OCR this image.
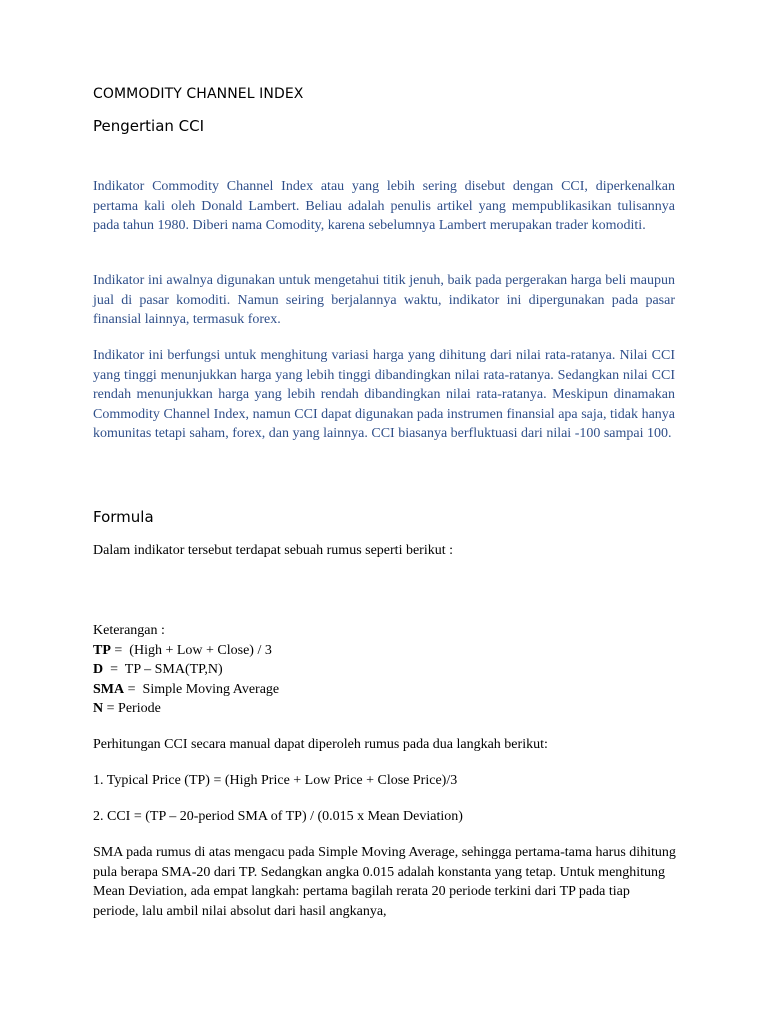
COMMODITY CHANNEL INDEX

Pengertian CCI

Indikator Commodity Channel Index atau yang lebih sering disebut dengan CCI, diperkenalkan pertama kali oleh Donald Lambert. Beliau adalah penulis artikel yang mempublikasikan tulisannya pada tahun 1980. Diberi nama Comodity, karena sebelumnya Lambert merupakan trader komoditi.

Indikator ini awalnya digunakan untuk mengetahui titik jenuh, baik pada pergerakan harga beli maupun jual di pasar komoditi. Namun seiring berjalannya waktu, indikator ini dipergunakan pada pasar finansial lainnya, termasuk forex.

Indikator ini berfungsi untuk menghitung variasi harga yang dihitung dari nilai rata-ratanya. Nilai CCI yang tinggi menunjukkan harga yang lebih tinggi dibandingkan nilai rata-ratanya. Sedangkan nilai CCI rendah menunjukkan harga yang lebih rendah dibandingkan nilai rata-ratanya. Meskipun dinamakan Commodity Channel Index, namun CCI dapat digunakan pada instrumen finansial apa saja, tidak hanya komunitas tetapi saham, forex, dan yang lainnya. CCI biasanya berfluktuasi dari nilai -100 sampai 100.

Formula

Dalam indikator tersebut terdapat sebuah rumus seperti berikut :

Keterangan :
TP =  (High + Low + Close) / 3
D  =  TP – SMA(TP,N)
SMA =  Simple Moving Average
N = Periode

Perhitungan CCI secara manual dapat diperoleh rumus pada dua langkah berikut:

1. Typical Price (TP) = (High Price + Low Price + Close Price)/3

2. CCI = (TP – 20-period SMA of TP) / (0.015 x Mean Deviation)

SMA pada rumus di atas mengacu pada Simple Moving Average, sehingga pertama-tama harus dihitung pula berapa SMA-20 dari TP. Sedangkan angka 0.015 adalah konstanta yang tetap. Untuk menghitung Mean Deviation, ada empat langkah: pertama bagilah rerata 20 periode terkini dari TP pada tiap periode, lalu ambil nilai absolut dari hasil angkanya,
